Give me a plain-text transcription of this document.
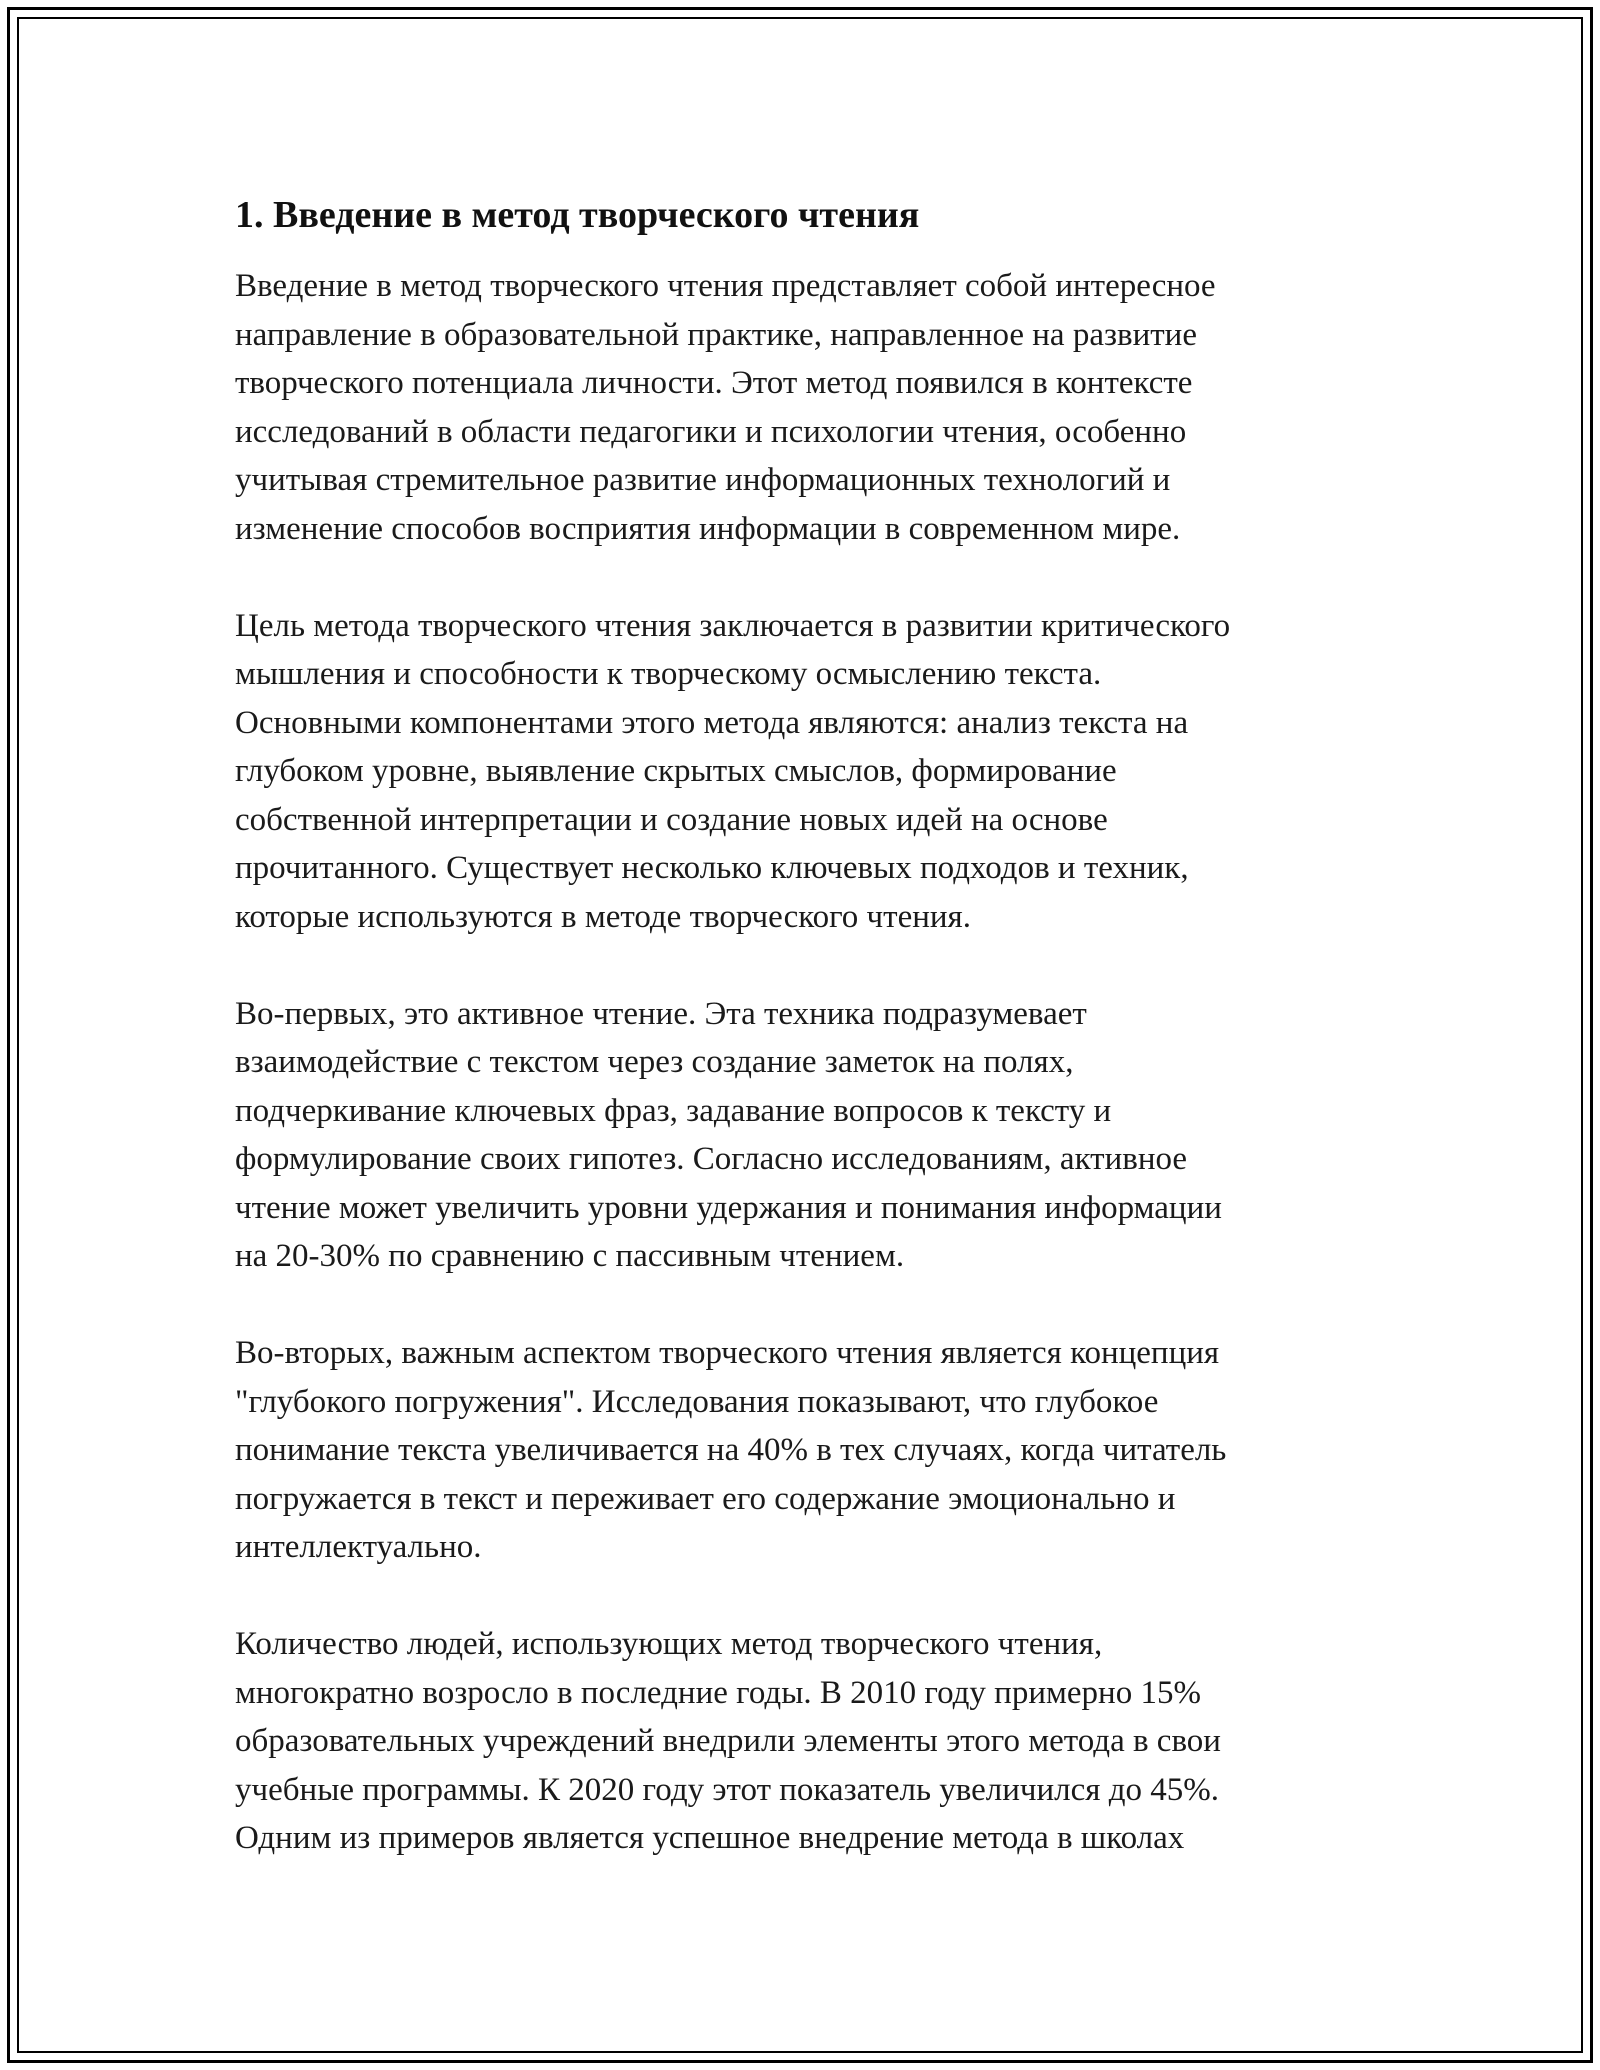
1. Введение в метод творческого чтения
Введение в метод творческого чтения представляет собой интересное
направление в образовательной практике, направленное на развитие
творческого потенциала личности. Этот метод появился в контексте
исследований в области педагогики и психологии чтения, особенно
учитывая стремительное развитие информационных технологий и
изменение способов восприятия информации в современном мире.
Цель метода творческого чтения заключается в развитии критического
мышления и способности к творческому осмыслению текста.
Основными компонентами этого метода являются: анализ текста на
глубоком уровне, выявление скрытых смыслов, формирование
собственной интерпретации и создание новых идей на основе
прочитанного. Существует несколько ключевых подходов и техник,
которые используются в методе творческого чтения.
Во-первых, это активное чтение. Эта техника подразумевает
взаимодействие с текстом через создание заметок на полях,
подчеркивание ключевых фраз, задавание вопросов к тексту и
формулирование своих гипотез. Согласно исследованиям, активное
чтение может увеличить уровни удержания и понимания информации
на 20-30% по сравнению с пассивным чтением.
Во-вторых, важным аспектом творческого чтения является концепция
"глубокого погружения". Исследования показывают, что глубокое
понимание текста увеличивается на 40% в тех случаях, когда читатель
погружается в текст и переживает его содержание эмоционально и
интеллектуально.
Количество людей, использующих метод творческого чтения,
многократно возросло в последние годы. В 2010 году примерно 15%
образовательных учреждений внедрили элементы этого метода в свои
учебные программы. К 2020 году этот показатель увеличился до 45%.
Одним из примеров является успешное внедрение метода в школах
